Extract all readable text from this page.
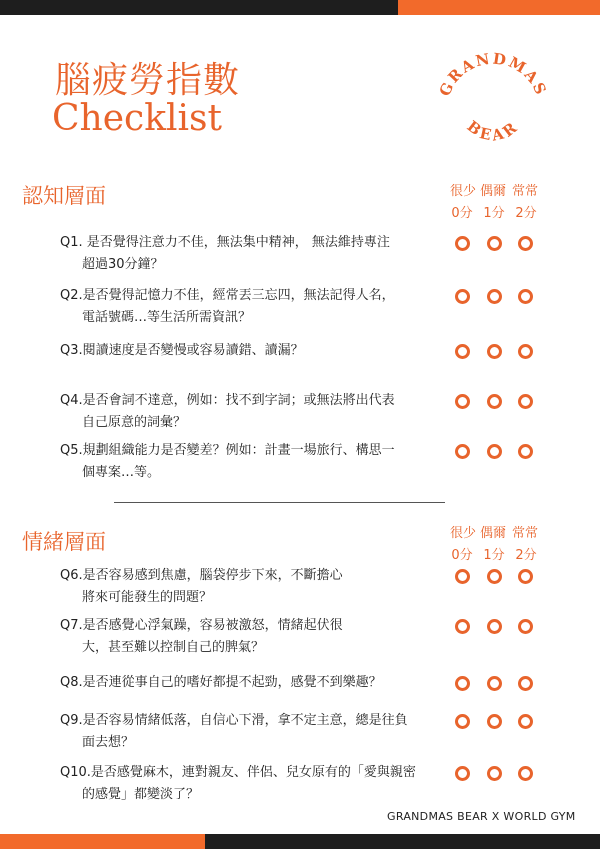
腦疲勞指數
Checklist
GRANDMAS
BEAR
認知層面	很少 偶爾 常常
0分 1分 2分
Q1. 是否覺得注意力不佳，無法集中精神， 無法維持專注
超過30分鐘？
Q2.是否覺得記憶力不佳，經常丟三忘四，無法記得人名，
電話號碼…等生活所需資訊？
Q3.閱讀速度是否變慢或容易讀錯、讀漏？
Q4.是否會詞不達意，例如：找不到字詞；或無法將出代表
自己原意的詞彙？
Q5.規劃組織能力是否變差？例如：計畫一場旅行、構思一
個專案…等。
情緒層面	很少 偶爾 常常
0分 1分 2分
Q6.是否容易感到焦慮，腦袋停步下來，不斷擔心
將來可能發生的問題？
Q7.是否感覺心浮氣躁，容易被激怒，情緒起伏很
大，甚至難以控制自己的脾氣？
Q8.是否連從事自己的嗜好都提不起勁，感覺不到樂趣？
Q9.是否容易情緒低落，自信心下滑，拿不定主意，總是往負
面去想？
Q10.是否感覺麻木，連對親友、伴侶、兒女原有的「愛與親密
的感覺」都變淡了？
GRANDMAS BEAR X WORLD GYM
